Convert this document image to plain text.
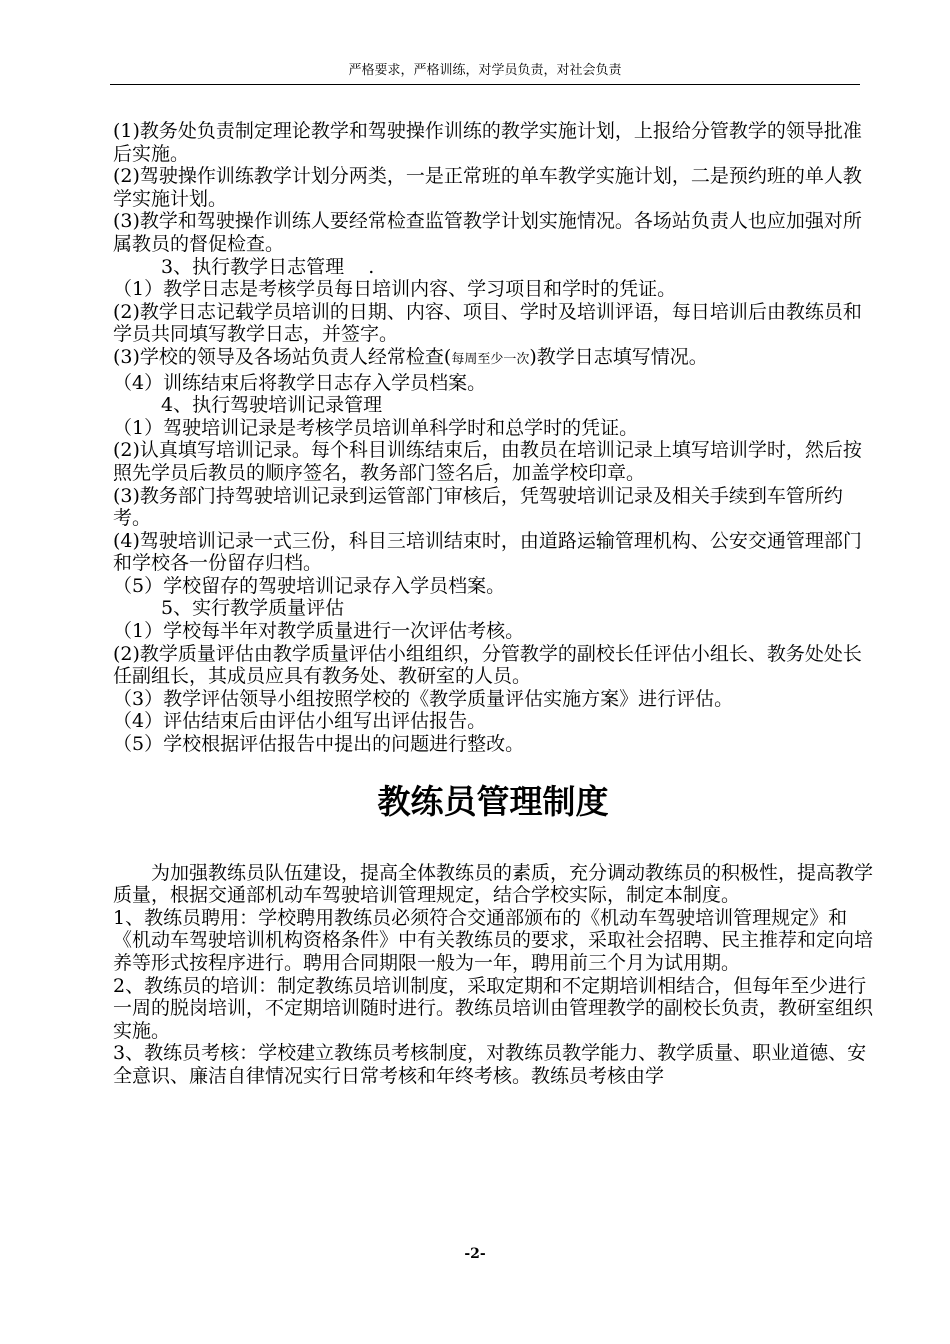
严格要求，严格训练，对学员负责，对社会负责

(1)教务处负责制定理论教学和驾驶操作训练的教学实施计划，上报给分管教学的领导批准后实施。

(2)驾驶操作训练教学计划分两类，一是正常班的单车教学实施计划，二是预约班的单人教学实施计划。

(3)教学和驾驶操作训练人要经常检查监管教学计划实施情况。各场站负责人也应加强对所属教员的督促检查。

3、执行教学日志管理    .

（1）教学日志是考核学员每日培训内容、学习项目和学时的凭证。

(2)教学日志记载学员培训的日期、内容、项目、学时及培训评语，每日培训后由教练员和学员共同填写教学日志，并签字。

(3)学校的领导及各场站负责人经常检查(每周至少一次)教学日志填写情况。

（4）训练结束后将教学日志存入学员档案。

4、执行驾驶培训记录管理

（1）驾驶培训记录是考核学员培训单科学时和总学时的凭证。

(2)认真填写培训记录。每个科目训练结束后，由教员在培训记录上填写培训学时，然后按照先学员后教员的顺序签名，教务部门签名后，加盖学校印章。

(3)教务部门持驾驶培训记录到运管部门审核后，凭驾驶培训记录及相关手续到车管所约考。

(4)驾驶培训记录一式三份，科目三培训结束时，由道路运输管理机构、公安交通管理部门和学校各一份留存归档。

（5）学校留存的驾驶培训记录存入学员档案。

5、实行教学质量评估

（1）学校每半年对教学质量进行一次评估考核。

(2)教学质量评估由教学质量评估小组组织，分管教学的副校长任评估小组长、教务处处长任副组长，其成员应具有教务处、教研室的人员。

（3）教学评估领导小组按照学校的《教学质量评估实施方案》进行评估。

（4）评估结束后由评估小组写出评估报告。

（5）学校根据评估报告中提出的问题进行整改。

教练员管理制度

为加强教练员队伍建设，提高全体教练员的素质，充分调动教练员的积极性，提高教学质量，根据交通部机动车驾驶培训管理规定，结合学校实际，制定本制度。

1、教练员聘用：学校聘用教练员必须符合交通部颁布的《机动车驾驶培训管理规定》和《机动车驾驶培训机构资格条件》中有关教练员的要求，采取社会招聘、民主推荐和定向培养等形式按程序进行。聘用合同期限一般为一年，聘用前三个月为试用期。

2、教练员的培训：制定教练员培训制度，采取定期和不定期培训相结合，但每年至少进行一周的脱岗培训，不定期培训随时进行。教练员培训由管理教学的副校长负责，教研室组织实施。

3、教练员考核：学校建立教练员考核制度，对教练员教学能力、教学质量、职业道德、安全意识、廉洁自律情况实行日常考核和年终考核。教练员考核由学

-2-
